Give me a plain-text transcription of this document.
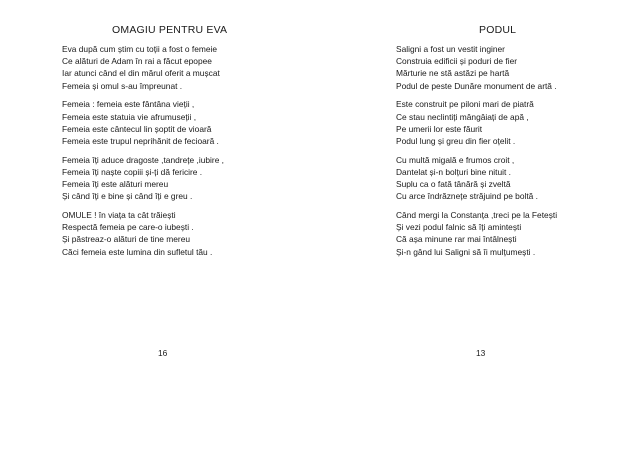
OMAGIU PENTRU EVA
Eva după cum știm cu toții a fost o femeie
Ce alături de Adam în rai a făcut epopee
Iar atunci când el din mărul oferit a mușcat
Femeia și omul s-au împreunat .
Femeia : femeia este fântâna vieții ,
Femeia este statuia vie afrumuseții ,
Femeia este cântecul lin șoptit de vioară
Femeia este trupul neprihănit de fecioară .
Femeia îți aduce dragoste ,tandrețe ,iubire ,
Femeia îți naște copiii și-ți dă fericire .
Femeia îți este alături mereu
Și când îți e bine și când îți e greu .
OMULE ! în viața ta cât trăiești
Respectă femeia pe care-o iubești .
Și păstreaz-o alături de tine mereu
Căci femeia este lumina din sufletul tău .
16
PODUL
Saligni a fost un vestit inginer
Construia edificii și poduri de fier
Mărturie ne stă astăzi pe hartă
Podul de peste Dunăre monument de artă .
Este construit pe piloni mari de piatră
Ce stau neclintiți mângâiați de apă ,
Pe umerii lor este făurit
Podul lung și greu din fier oțelit .
Cu multă migală e frumos croit ,
Dantelat și-n bolțuri bine nituit .
Suplu ca o fată tânără și zveltă
Cu arce îndrăznețe străjuind pe boltă .
Când mergi la Constanța ,treci pe la Fetești
Și vezi podul falnic să îți amintești
Că așa minune rar mai întâlnești
Și-n gând lui Saligni să îi mulțumești .
13
